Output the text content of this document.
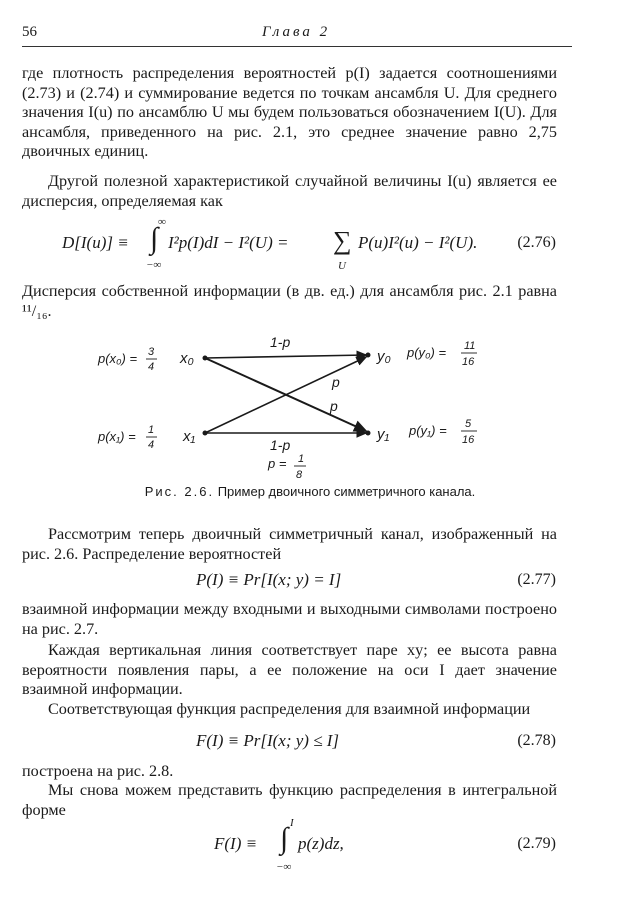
56	Глава 2
где плотность распределения вероятностей p(I) задается соотношениями (2.73) и (2.74) и суммирование ведется по точкам ансамбля U. Для среднего значения I(u) по ансамблю U мы будем пользоваться обозначением I(U). Для ансамбля, приведенного на рис. 2.1, это среднее значение равно 2,75 двоичных единиц.
Другой полезной характеристикой случайной величины I(u) является ее дисперсия, определяемая как
D[I(u)] ≡ ∫ ∞
−∞
I²p(I)dI − I²(U) = ∑
U
P(u)I²(u) − I²(U). (2.76)
Дисперсия собственной информации (в дв. ед.) для ансамбля рис. 2.1 равна ¹¹/₁₆.
p(x₀) = 3
4 x₀
p(x₁) = 1
4 x₁
y₀ p(y₀) = 11
16
y₁ p(y₁) = 5
16
1-p
1-p
p
p
p = 1
8
Рис. 2.6. Пример двоичного симметричного канала.
Рассмотрим теперь двоичный симметричный канал, изображенный на рис. 2.6. Распределение вероятностей
P(I) ≡ Pr[I(x; y) = I]	(2.77)
взаимной информации между входными и выходными символами построено на рис. 2.7.
Каждая вертикальная линия соответствует паре xy; ее высота равна вероятности появления пары, а ее положение на оси I дает значение взаимной информации.
Соответствующая функция распределения для взаимной информации
F(I) ≡ Pr[I(x; y) ≤ I]	(2.78)
построена на рис. 2.8.
Мы снова можем представить функцию распределения в интегральной форме
F(I) ≡ ∫ I
−∞
p(z)dz,	(2.79)
